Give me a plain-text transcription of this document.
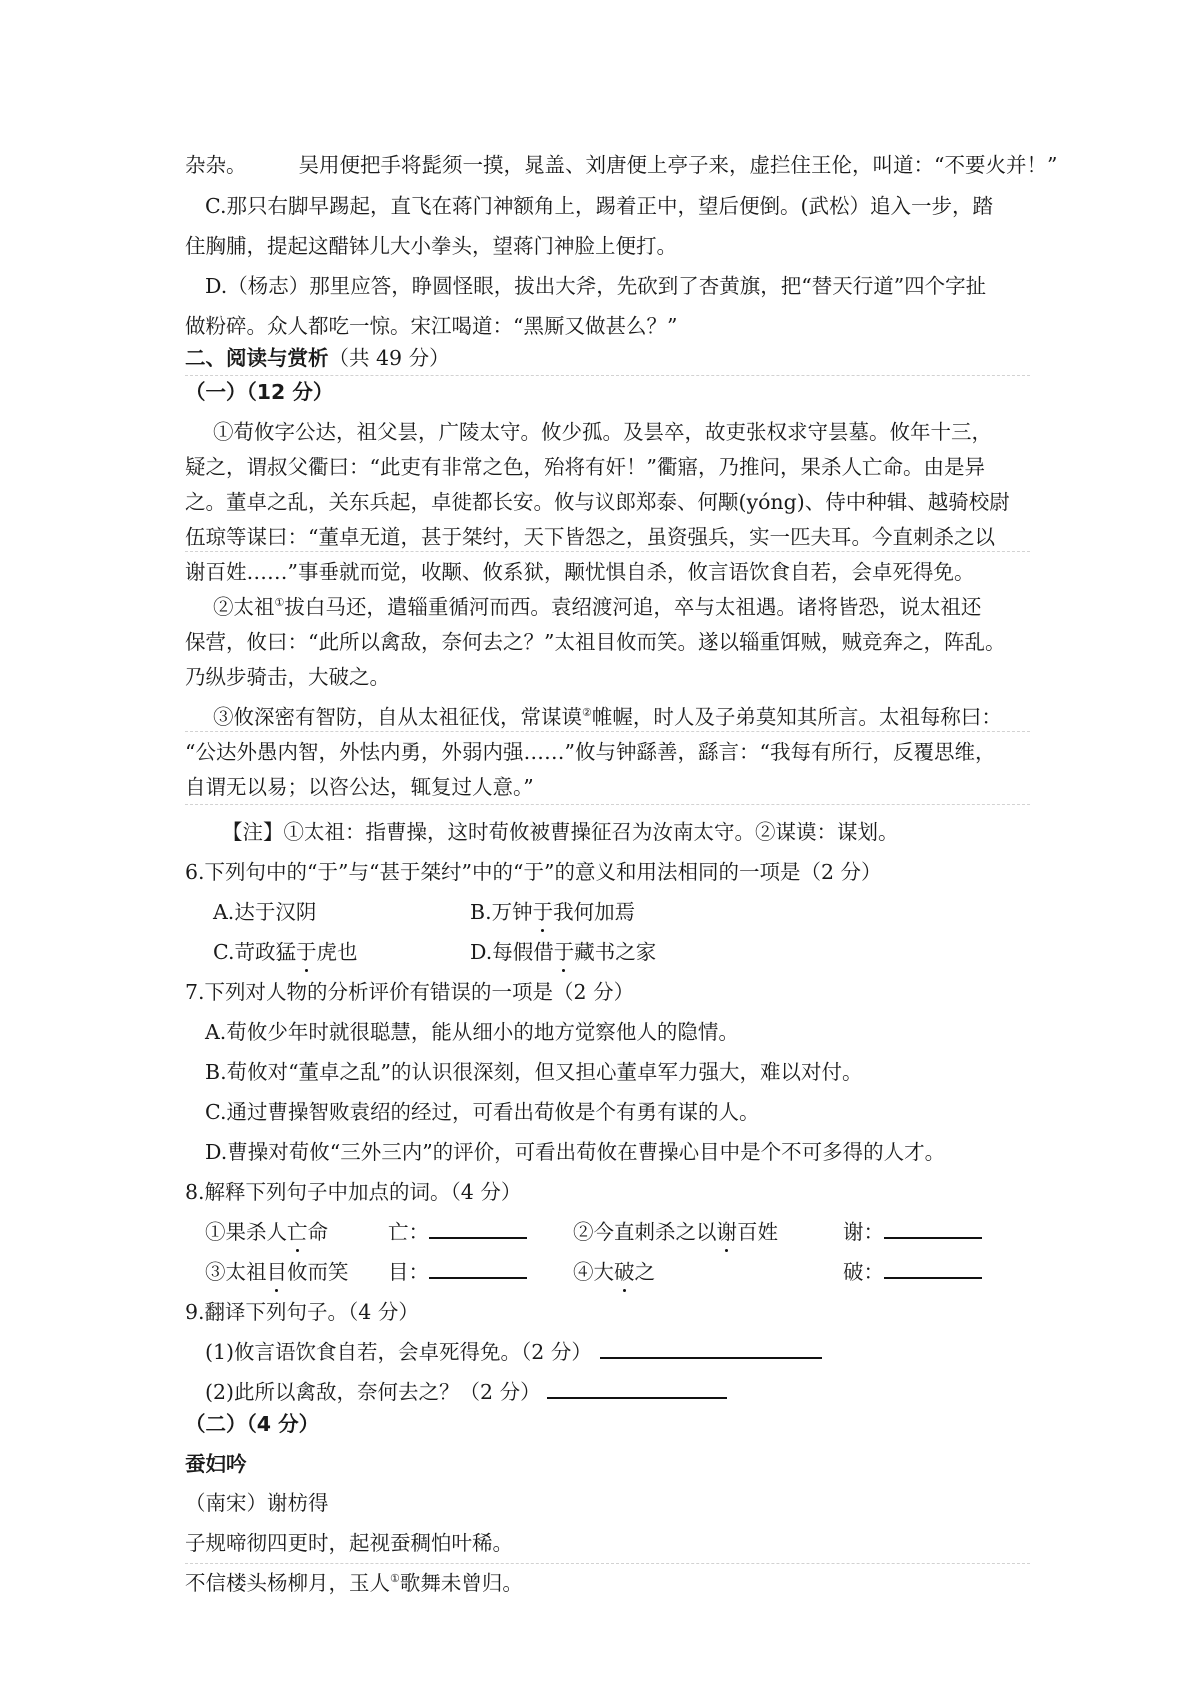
杂杂。	吴用便把手将髭须一摸，晁盖、刘唐便上亭子来，虚拦住王伦，叫道：“不要火并！”
C.那只右脚早踢起，直飞在蒋门神额角上，踢着正中，望后便倒。(武松）追入一步，踏
住胸脯，提起这醋钵儿大小拳头，望蒋门神脸上便打。
D.（杨志）那里应答，睁圆怪眼，拔出大斧，先砍到了杏黄旗，把“替天行道”四个字扯
做粉碎。众人都吃一惊。宋江喝道：“黑厮又做甚么？”
二、阅读与赏析（共 49 分）
（一）（12 分）
①荀攸字公达，祖父昙，广陵太守。攸少孤。及昙卒，故吏张权求守昙墓。攸年十三，
疑之，谓叔父衢曰：“此吏有非常之色，殆将有奸！”衢寤，乃推问，果杀人亡命。由是异
之。董卓之乱，关东兵起，卓徙都长安。攸与议郎郑泰、何颙(yóng)、侍中种辑、越骑校尉
伍琼等谋曰：“董卓无道，甚于桀纣，天下皆怨之，虽资强兵，实一匹夫耳。今直刺杀之以
谢百姓……”事垂就而觉，收颙、攸系狱，颙忧惧自杀，攸言语饮食自若，会卓死得免。
②太祖①拔白马还，遣辎重循河而西。袁绍渡河追，卒与太祖遇。诸将皆恐，说太祖还
保营，攸曰：“此所以禽敌，奈何去之？”太祖目攸而笑。遂以辎重饵贼，贼竞奔之，阵乱。
乃纵步骑击，大破之。
③攸深密有智防，自从太祖征伐，常谋谟②帷幄，时人及子弟莫知其所言。太祖每称曰：
“公达外愚内智，外怯内勇，外弱内强……”攸与钟繇善，繇言：“我每有所行，反覆思维，
自谓无以易；以咨公达，辄复过人意。”
【注】①太祖：指曹操，这时荀攸被曹操征召为汝南太守。②谋谟：谋划。
6.下列句中的“于”与“甚于桀纣”中的“于”的意义和用法相同的一项是（2 分）
A.达于汉阴	B.万钟于我何加焉
C.苛政猛于虎也	D.每假借于藏书之家
7.下列对人物的分析评价有错误的一项是（2 分）
A.荀攸少年时就很聪慧，能从细小的地方觉察他人的隐情。
B.荀攸对“董卓之乱”的认识很深刻，但又担心董卓军力强大，难以对付。
C.通过曹操智败袁绍的经过，可看出荀攸是个有勇有谋的人。
D.曹操对荀攸“三外三内”的评价，可看出荀攸在曹操心目中是个不可多得的人才。
8.解释下列句子中加点的词。（4 分）
①果杀人亡命	亡：	②今直刺杀之以谢百姓	谢：
③太祖目攸而笑 目：	④大破之	破：
9.翻译下列句子。（4 分）
(1)攸言语饮食自若，会卓死得免。（2 分）
(2)此所以禽敌，奈何去之？（2 分）
（二）（4 分）
蚕妇吟
（南宋）谢枋得
子规啼彻四更时，起视蚕稠怕叶稀。
不信楼头杨柳月，玉人①歌舞未曾归。
